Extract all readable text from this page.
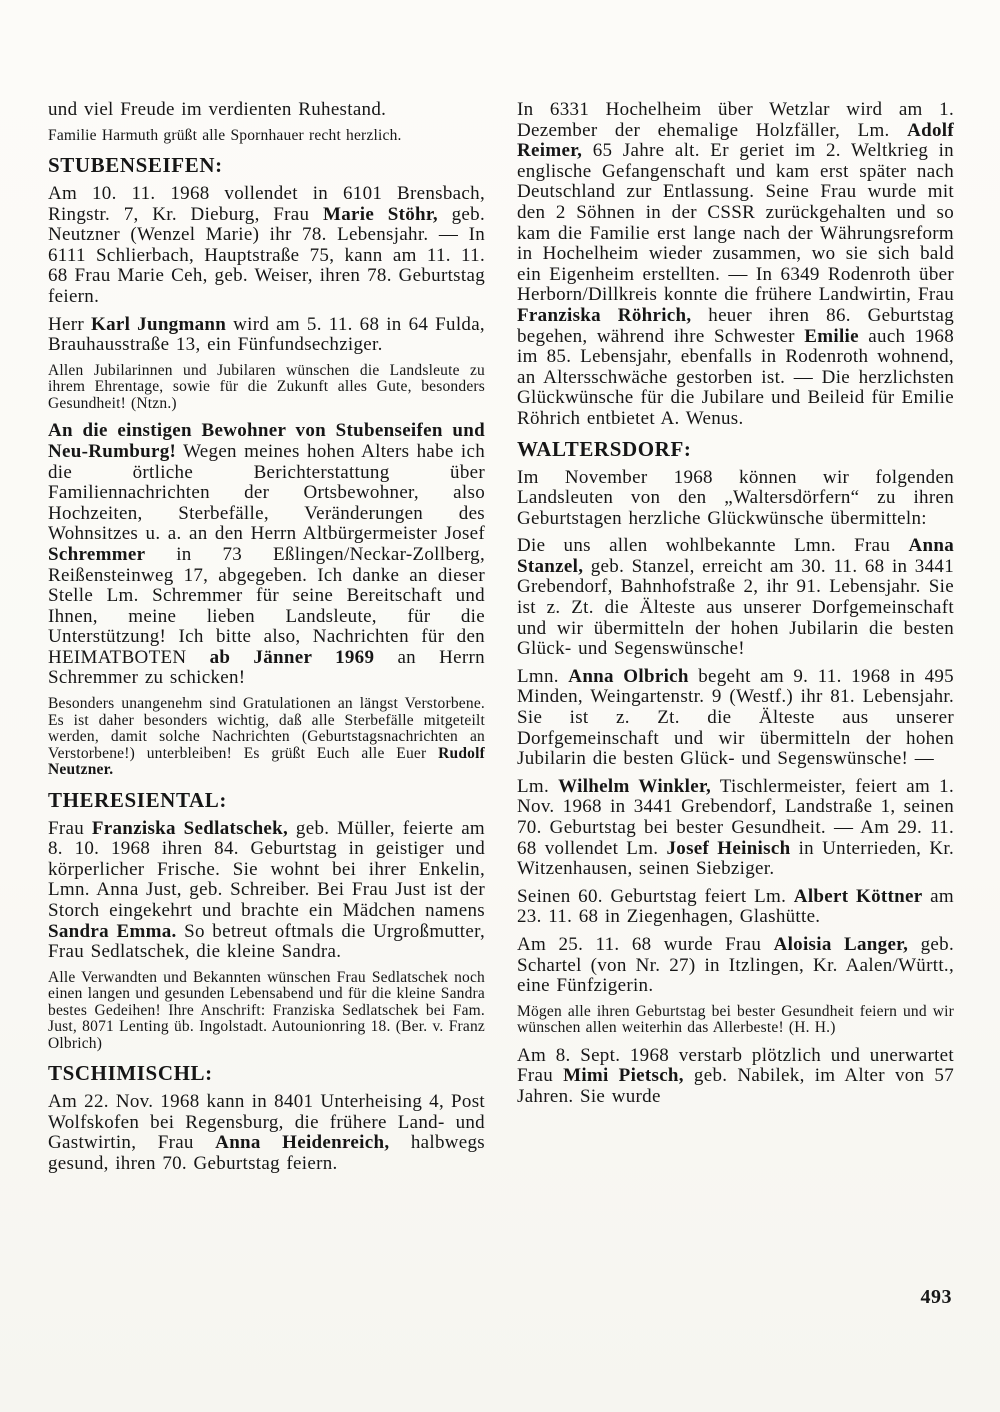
und viel Freude im verdienten Ruhestand.

Familie Harmuth grüßt alle Spornhauer recht herzlich.

STUBENSEIFEN:

Am 10. 11. 1968 vollendet in 6101 Brensbach, Ringstr. 7, Kr. Dieburg, Frau Marie Stöhr, geb. Neutzner (Wenzel Marie) ihr 78. Lebensjahr. — In 6111 Schlierbach, Hauptstraße 75, kann am 11. 11. 68 Frau Marie Ceh, geb. Weiser, ihren 78. Geburtstag feiern.

Herr Karl Jungmann wird am 5. 11. 68 in 64 Fulda, Brauhausstraße 13, ein Fünfundsechziger.

Allen Jubilarinnen und Jubilaren wünschen die Landsleute zu ihrem Ehrentage, sowie für die Zukunft alles Gute, besonders Gesundheit! (Ntzn.)

An die einstigen Bewohner von Stubenseifen und Neu-Rumburg! Wegen meines hohen Alters habe ich die örtliche Berichterstattung über Familiennachrichten der Ortsbewohner, also Hochzeiten, Sterbefälle, Veränderungen des Wohnsitzes u. a. an den Herrn Altbürgermeister Josef Schremmer in 73 Eßlingen/Neckar-Zollberg, Reißensteinweg 17, abgegeben. Ich danke an dieser Stelle Lm. Schremmer für seine Bereitschaft und Ihnen, meine lieben Landsleute, für die Unterstützung! Ich bitte also, Nachrichten für den HEIMATBOTEN ab Jänner 1969 an Herrn Schremmer zu schicken!

Besonders unangenehm sind Gratulationen an längst Verstorbene. Es ist daher besonders wichtig, daß alle Sterbefälle mitgeteilt werden, damit solche Nachrichten (Geburtstagsnachrichten an Verstorbene!) unterbleiben! Es grüßt Euch alle Euer Rudolf Neutzner.

THERESIENTAL:

Frau Franziska Sedlatschek, geb. Müller, feierte am 8. 10. 1968 ihren 84. Geburtstag in geistiger und körperlicher Frische. Sie wohnt bei ihrer Enkelin, Lmn. Anna Just, geb. Schreiber. Bei Frau Just ist der Storch eingekehrt und brachte ein Mädchen namens Sandra Emma. So betreut oftmals die Urgroßmutter, Frau Sedlatschek, die kleine Sandra.

Alle Verwandten und Bekannten wünschen Frau Sedlatschek noch einen langen und gesunden Lebensabend und für die kleine Sandra bestes Gedeihen! Ihre Anschrift: Franziska Sedlatschek bei Fam. Just, 8071 Lenting üb. Ingolstadt. Autounionring 18. (Ber. v. Franz Olbrich)

TSCHIMISCHL:

Am 22. Nov. 1968 kann in 8401 Unterheising 4, Post Wolfskofen bei Regensburg, die frühere Land- und Gastwirtin, Frau Anna Heidenreich, halbwegs gesund, ihren 70. Geburtstag feiern.

In 6331 Hochelheim über Wetzlar wird am 1. Dezember der ehemalige Holzfäller, Lm. Adolf Reimer, 65 Jahre alt. Er geriet im 2. Weltkrieg in englische Gefangenschaft und kam erst später nach Deutschland zur Entlassung. Seine Frau wurde mit den 2 Söhnen in der CSSR zurückgehalten und so kam die Familie erst lange nach der Währungsreform in Hochelheim wieder zusammen, wo sie sich bald ein Eigenheim erstellten. — In 6349 Rodenroth über Herborn/Dillkreis konnte die frühere Landwirtin, Frau Franziska Röhrich, heuer ihren 86. Geburtstag begehen, während ihre Schwester Emilie auch 1968 im 85. Lebensjahr, ebenfalls in Rodenroth wohnend, an Altersschwäche gestorben ist. — Die herzlichsten Glückwünsche für die Jubilare und Beileid für Emilie Röhrich entbietet A. Wenus.

WALTERSDORF:

Im November 1968 können wir folgenden Landsleuten von den „Waltersdörfern“ zu ihren Geburtstagen herzliche Glückwünsche übermitteln:

Die uns allen wohlbekannte Lmn. Frau Anna Stanzel, geb. Stanzel, erreicht am 30. 11. 68 in 3441 Grebendorf, Bahnhofstraße 2, ihr 91. Lebensjahr. Sie ist z. Zt. die Älteste aus unserer Dorfgemeinschaft und wir übermitteln der hohen Jubilarin die besten Glück- und Segenswünsche!

Lmn. Anna Olbrich begeht am 9. 11. 1968 in 495 Minden, Weingartenstr. 9 (Westf.) ihr 81. Lebensjahr. Sie ist z. Zt. die Älteste aus unserer Dorfgemeinschaft und wir übermitteln der hohen Jubilarin die besten Glück- und Segenswünsche! —

Lm. Wilhelm Winkler, Tischlermeister, feiert am 1. Nov. 1968 in 3441 Grebendorf, Landstraße 1, seinen 70. Geburtstag bei bester Gesundheit. — Am 29. 11. 68 vollendet Lm. Josef Heinisch in Unterrieden, Kr. Witzenhausen, seinen Siebziger.

Seinen 60. Geburtstag feiert Lm. Albert Köttner am 23. 11. 68 in Ziegenhagen, Glashütte.

Am 25. 11. 68 wurde Frau Aloisia Langer, geb. Schartel (von Nr. 27) in Itzlingen, Kr. Aalen/Württ., eine Fünfzigerin.

Mögen alle ihren Geburtstag bei bester Gesundheit feiern und wir wünschen allen weiterhin das Allerbeste! (H. H.)

Am 8. Sept. 1968 verstarb plötzlich und unerwartet Frau Mimi Pietsch, geb. Nabilek, im Alter von 57 Jahren. Sie wurde

493
